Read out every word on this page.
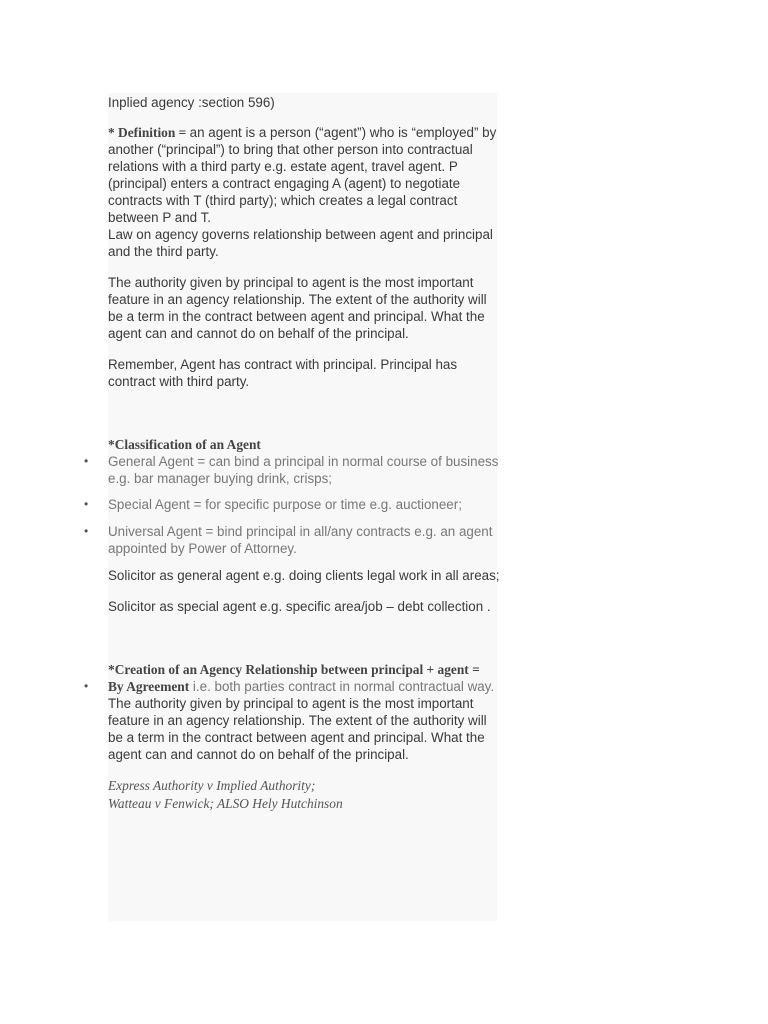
Inplied agency :section 596)

* Definition = an agent is a person (“agent”) who is “employed” by another (“principal”) to bring that other person into contractual relations with a third party e.g. estate agent, travel agent. P (principal) enters a contract engaging A (agent) to negotiate contracts with T (third party); which creates a legal contract between P and T.

Law on agency governs relationship between agent and principal and the third party.

The authority given by principal to agent is the most important feature in an agency relationship. The extent of the authority will be a term in the contract between agent and principal. What the agent can and cannot do on behalf of the principal.

Remember, Agent has contract with principal. Principal has contract with third party.

*Classification of an Agent

• General Agent = can bind a principal in normal course of business e.g. bar manager buying drink, crisps;
• Special Agent = for specific purpose or time e.g. auctioneer;
• Universal Agent = bind principal in all/any contracts e.g. an agent appointed by Power of Attorney.

Solicitor as general agent e.g. doing clients legal work in all areas;

Solicitor as special agent e.g. specific area/job – debt collection .

*Creation of an Agency Relationship between principal + agent =

• By Agreement i.e. both parties contract in normal contractual way.

The authority given by principal to agent is the most important feature in an agency relationship. The extent of the authority will be a term in the contract between agent and principal. What the agent can and cannot do on behalf of the principal.

Express Authority v Implied Authority;

Watteau v Fenwick; ALSO Hely Hutchinson
